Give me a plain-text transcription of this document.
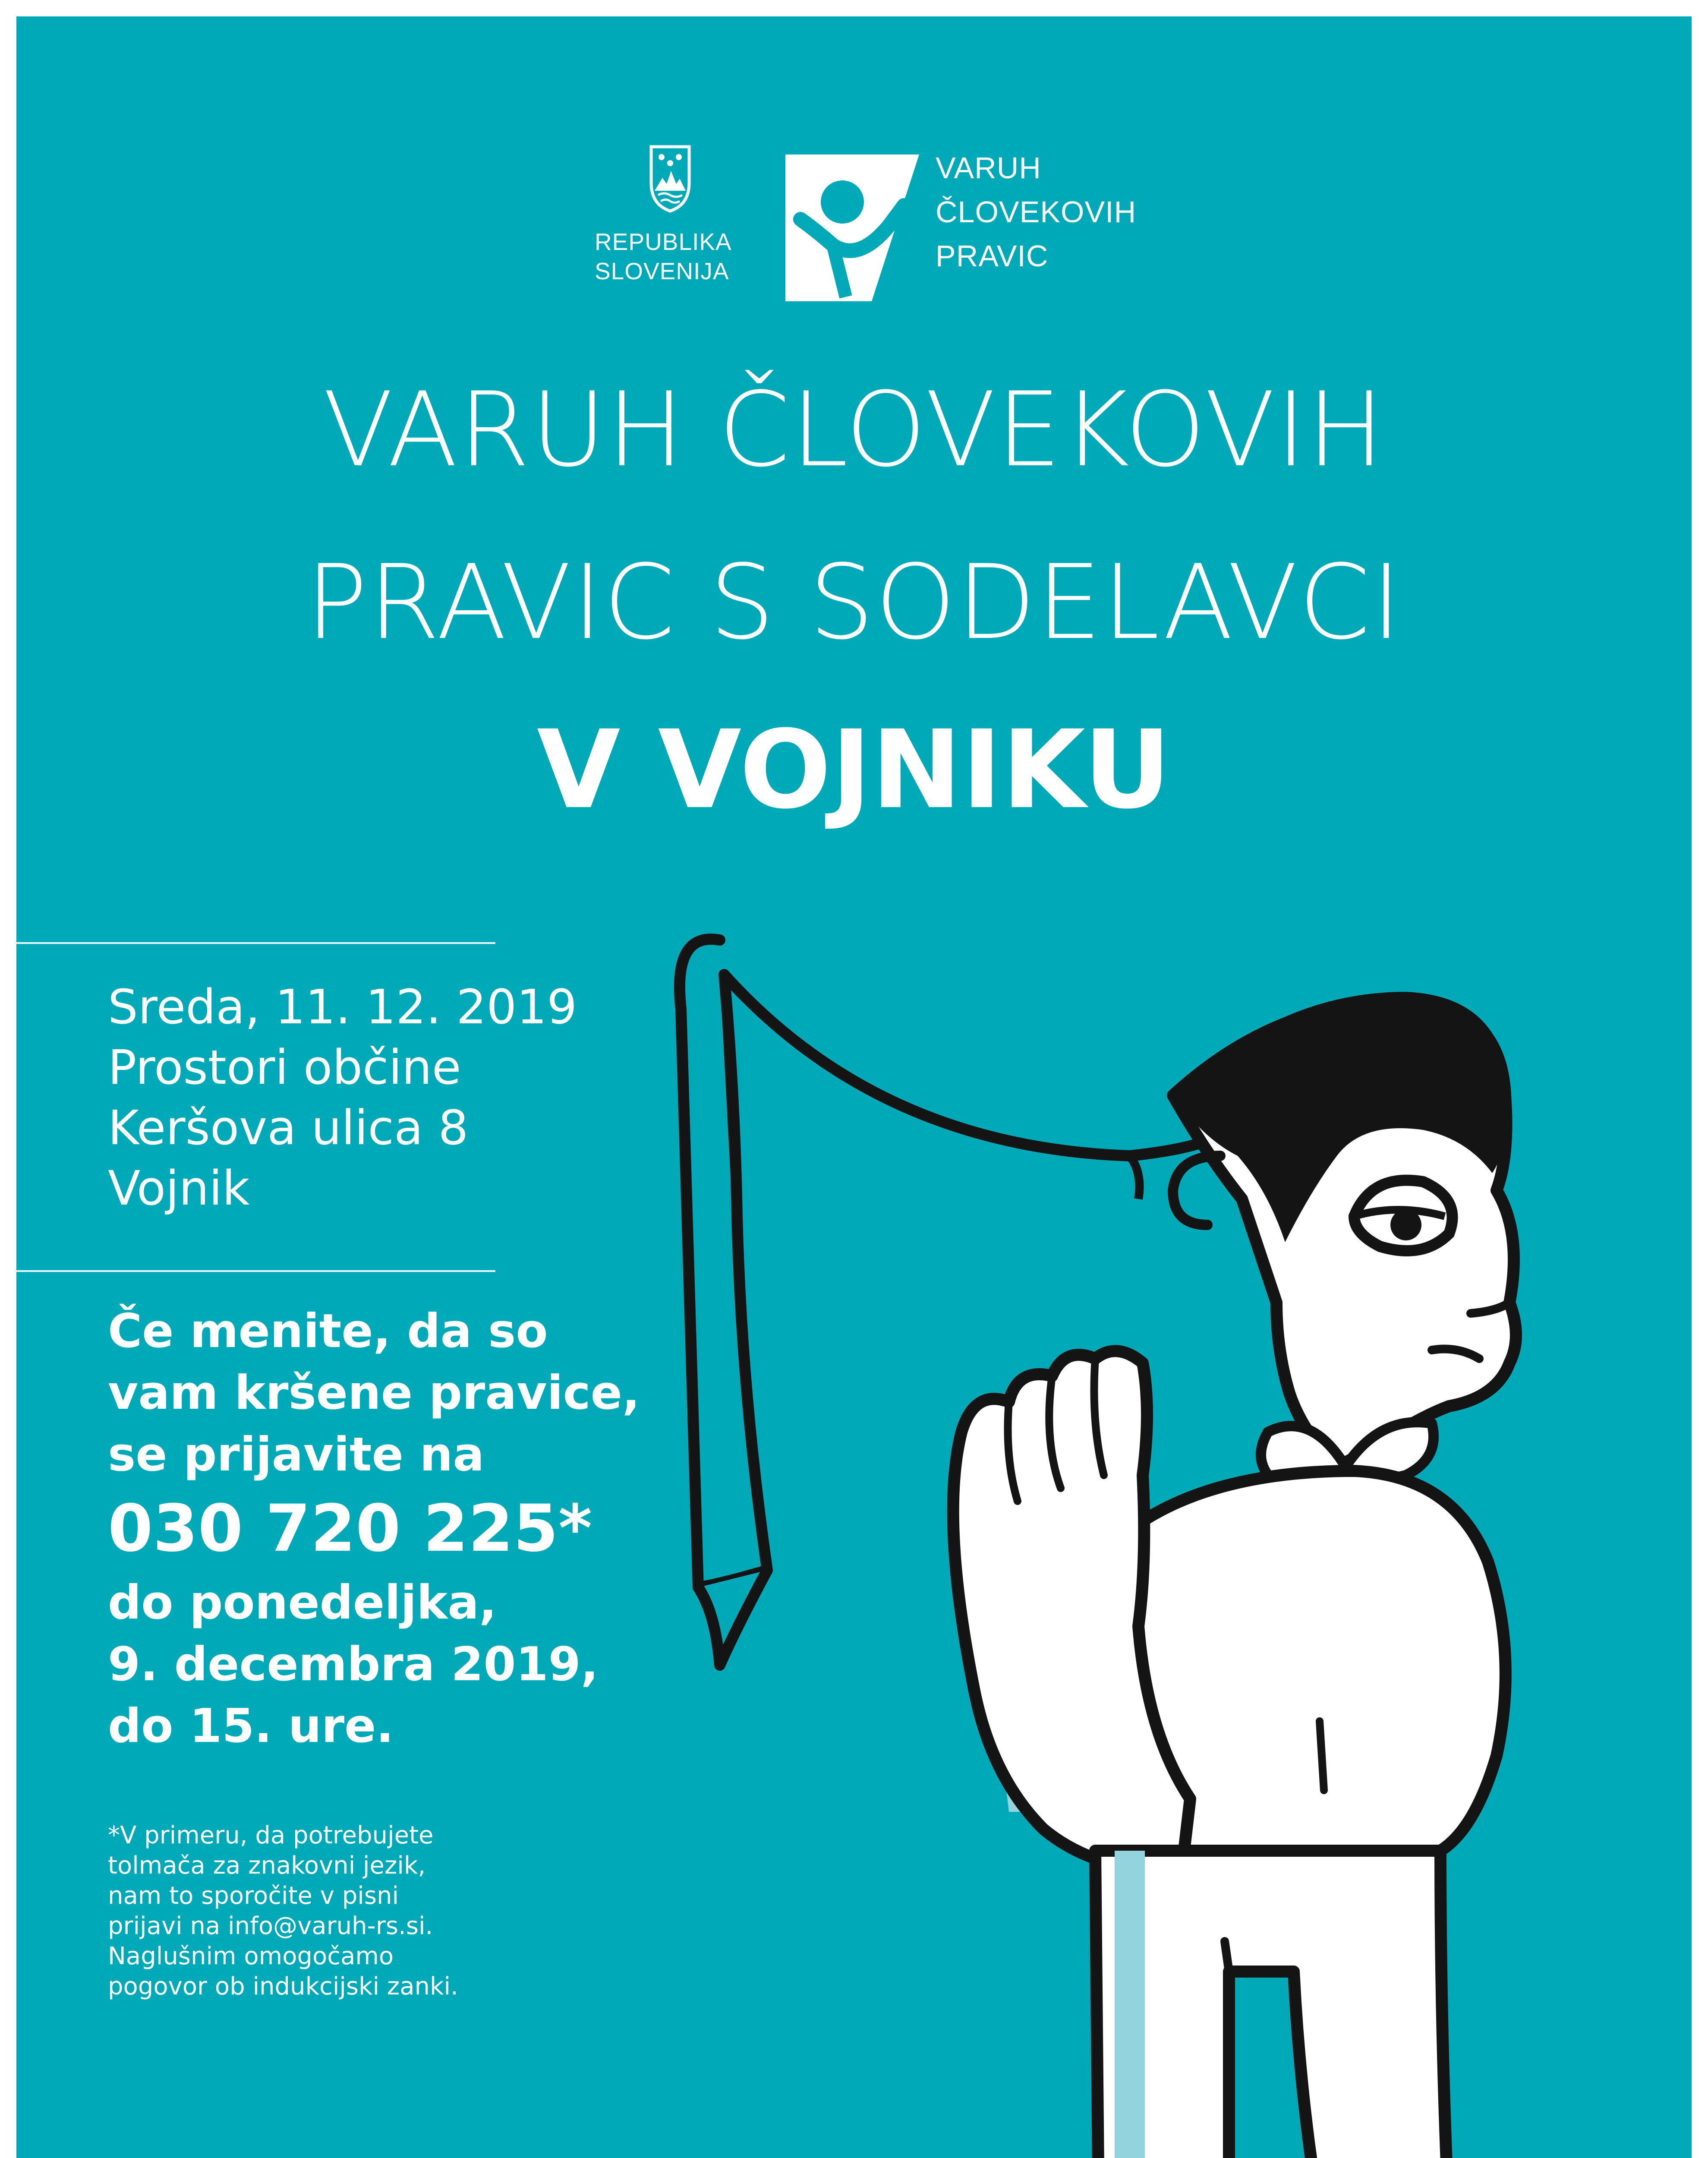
REPUBLIKA
SLOVENIJA
VARUH
ČLOVEKOVIH
PRAVIC
VARUH ČLOVEKOVIH
PRAVIC S SODELAVCI
V VOJNIKU
Sreda, 11. 12. 2019
Prostori občine
Keršova ulica 8
Vojnik
Če menite, da so
vam kršene pravice,
se prijavite na
030 720 225*
do ponedeljka,
9. decembra 2019,
do 15. ure.
*V primeru, da potrebujete
tolmača za znakovni jezik,
nam to sporočite v pisni
prijavi na info@varuh-rs.si.
Naglušnim omogočamo
pogovor ob indukcijski zanki.
